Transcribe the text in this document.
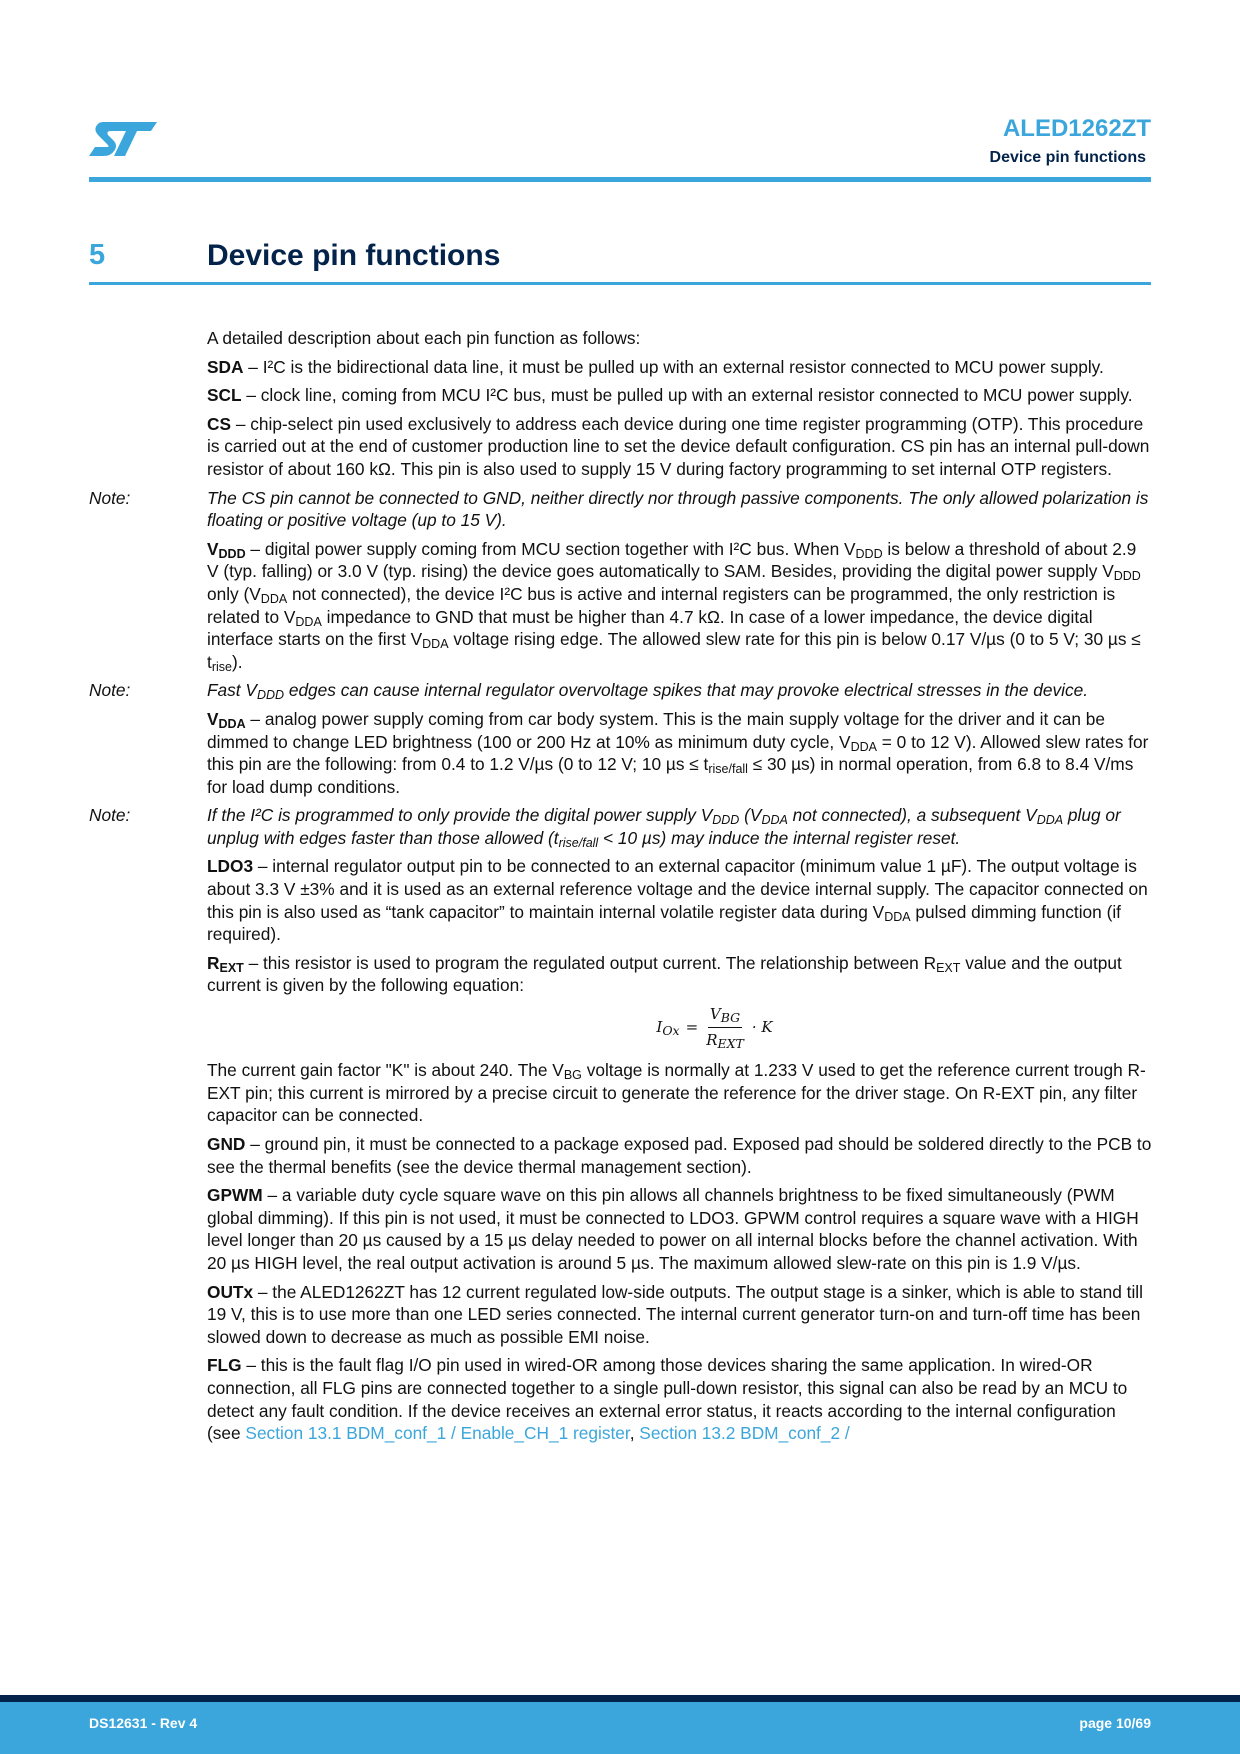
ALED1262ZT
Device pin functions
5	Device pin functions

A detailed description about each pin function as follows:

SDA – I²C is the bidirectional data line, it must be pulled up with an external resistor connected to MCU power supply.

SCL – clock line, coming from MCU I²C bus, must be pulled up with an external resistor connected to MCU power supply.

CS – chip-select pin used exclusively to address each device during one time register programming (OTP). This procedure is carried out at the end of customer production line to set the device default configuration. CS pin has an internal pull-down resistor of about 160 kΩ. This pin is also used to supply 15 V during factory programming to set internal OTP registers.

Note:	The CS pin cannot be connected to GND, neither directly nor through passive components. The only allowed polarization is floating or positive voltage (up to 15 V).

$V_{DDD}$ – digital power supply coming from MCU section together with I²C bus. When $V_{DDD}$ is below a threshold of about 2.9 V (typ. falling) or 3.0 V (typ. rising) the device goes automatically to SAM. Besides, providing the digital power supply $V_{DDD}$ only ($V_{DDA}$ not connected), the device I²C bus is active and internal registers can be programmed, the only restriction is related to $V_{DDA}$ impedance to GND that must be higher than 4.7 kΩ. In case of a lower impedance, the device digital interface starts on the first $V_{DDA}$ voltage rising edge. The allowed slew rate for this pin is below 0.17 V/µs (0 to 5 V; 30 $\mu s \le t_{rise}$).

Note:	Fast $V_{DDD}$ edges can cause internal regulator overvoltage spikes that may provoke electrical stresses in the device.

$V_{DDA}$ – analog power supply coming from car body system. This is the main supply voltage for the driver and it can be dimmed to change LED brightness (100 or 200 Hz at 10% as minimum duty cycle, $V_{DDA} = 0$ to 12 V). Allowed slew rates for this pin are the following: from 0.4 to 1.2 V/µs (0 to 12 V; 10 $\mu s \le t_{rise/fall} \le 30$ µs) in normal operation, from 6.8 to 8.4 V/ms for load dump conditions.

Note:	If the I²C is programmed to only provide the digital power supply $V_{DDD}$ ($V_{DDA}$ not connected), a subsequent $V_{DDA}$ plug or unplug with edges faster than those allowed ($t_{rise/fall} < 10$ µs) may induce the internal register reset.

LDO3 – internal regulator output pin to be connected to an external capacitor (minimum value 1 µF). The output voltage is about 3.3 V ±3% and it is used as an external reference voltage and the device internal supply. The capacitor connected on this pin is also used as “tank capacitor” to maintain internal volatile register data during $V_{DDA}$ pulsed dimming function (if required).

$R_{EXT}$ – this resistor is used to program the regulated output current. The relationship between $R_{EXT}$ value and the output current is given by the following equation:

$I_{Ox} = \frac{V_{BG}}{R_{EXT}} \cdot K$

The current gain factor "K" is about 240. The $V_{BG}$ voltage is normally at 1.233 V used to get the reference current trough R-EXT pin; this current is mirrored by a precise circuit to generate the reference for the driver stage. On R-EXT pin, any filter capacitor can be connected.

GND – ground pin, it must be connected to a package exposed pad. Exposed pad should be soldered directly to the PCB to see the thermal benefits (see the device thermal management section).

GPWM – a variable duty cycle square wave on this pin allows all channels brightness to be fixed simultaneously (PWM global dimming). If this pin is not used, it must be connected to LDO3. GPWM control requires a square wave with a HIGH level longer than 20 µs caused by a 15 µs delay needed to power on all internal blocks before the channel activation. With 20 µs HIGH level, the real output activation is around 5 µs. The maximum allowed slew-rate on this pin is 1.9 V/µs.

OUTx – the ALED1262ZT has 12 current regulated low-side outputs. The output stage is a sinker, which is able to stand till 19 V, this is to use more than one LED series connected. The internal current generator turn-on and turn-off time has been slowed down to decrease as much as possible EMI noise.

FLG – this is the fault flag I/O pin used in wired-OR among those devices sharing the same application. In wired-OR connection, all FLG pins are connected together to a single pull-down resistor, this signal can also be read by an MCU to detect any fault condition. If the device receives an external error status, it reacts according to the internal configuration (see Section 13.1 BDM_conf_1 / Enable_CH_1 register, Section 13.2 BDM_conf_2 /

DS12631 - Rev 4	page 10/69
